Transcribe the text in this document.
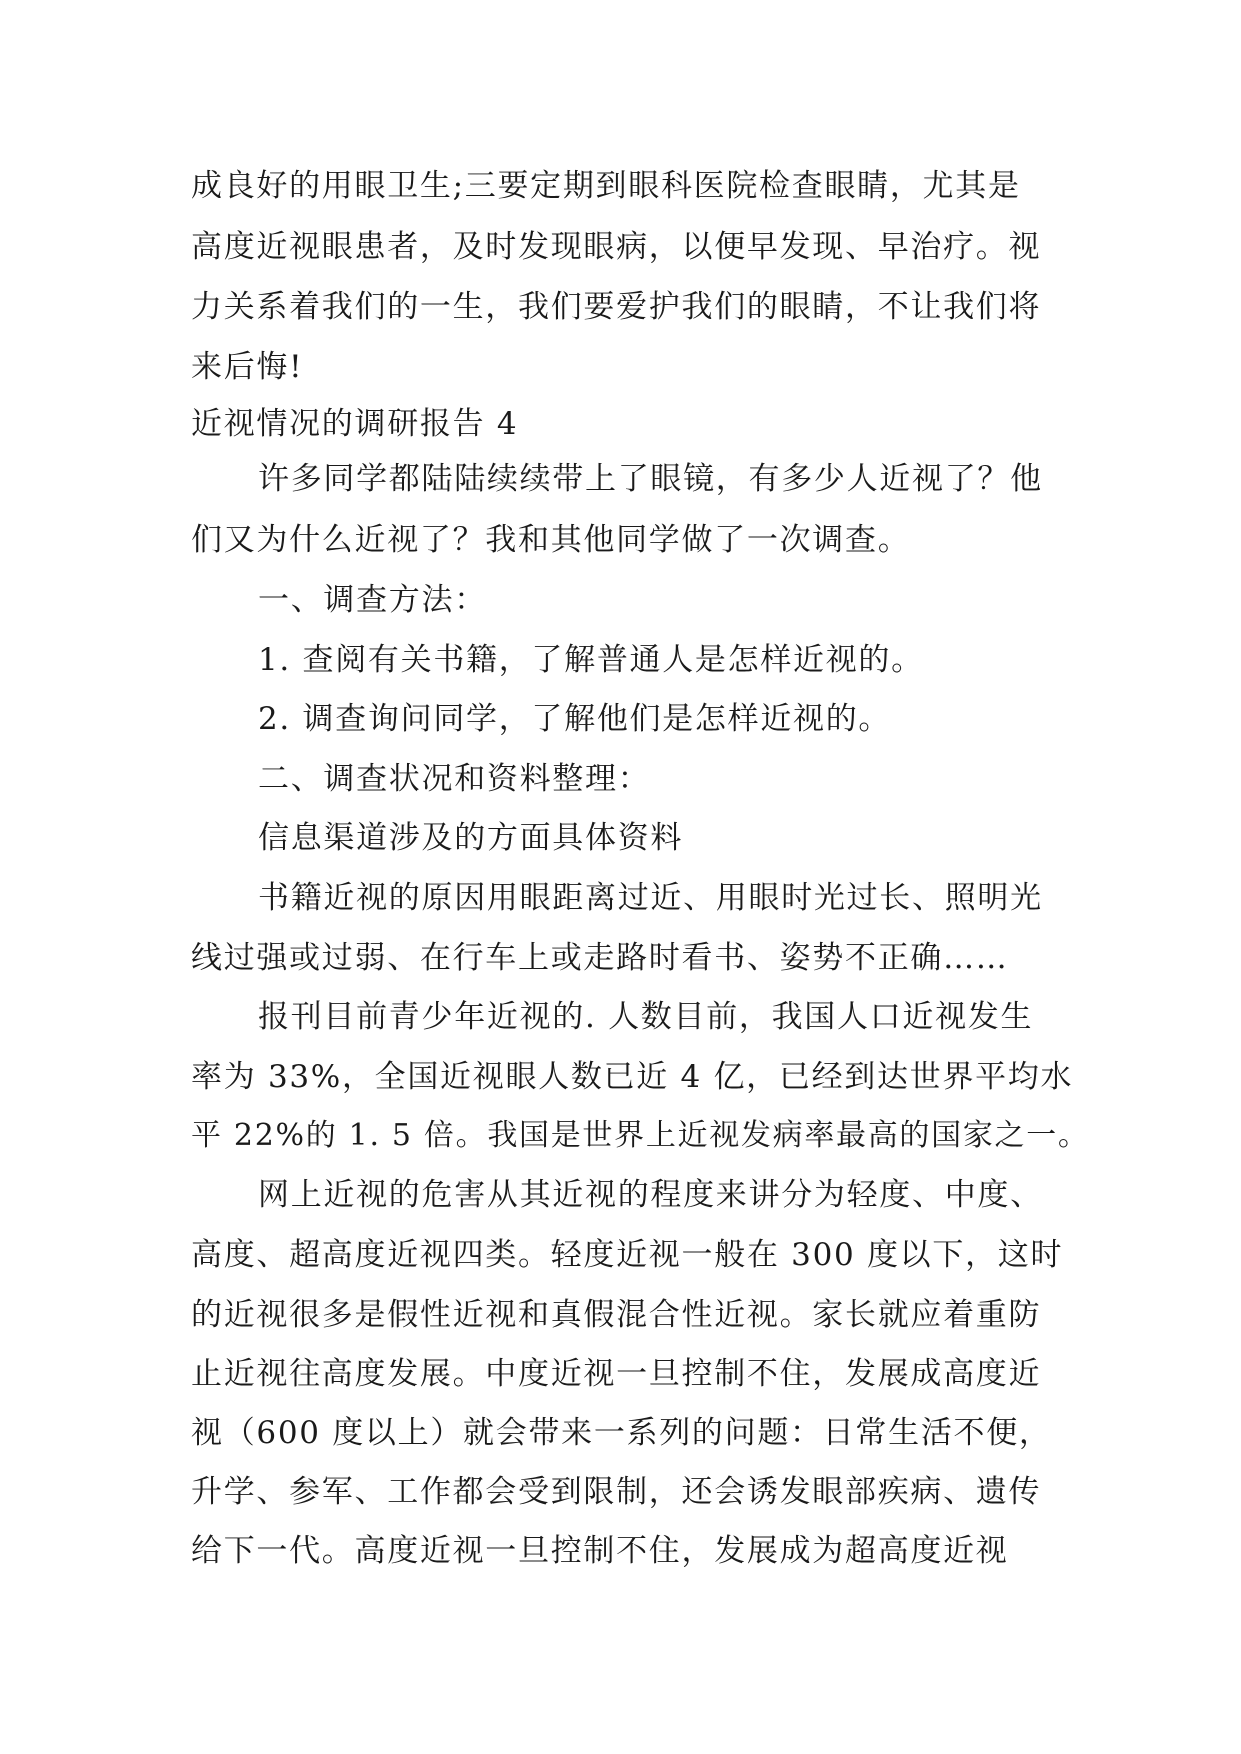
成良好的用眼卫生;三要定期到眼科医院检查眼睛，尤其是
高度近视眼患者，及时发现眼病，以便早发现、早治疗。视
力关系着我们的一生，我们要爱护我们的眼睛，不让我们将
来后悔!
近视情况的调研报告 4
许多同学都陆陆续续带上了眼镜，有多少人近视了？他
们又为什么近视了？我和其他同学做了一次调查。
一、调查方法：
1. 查阅有关书籍，了解普通人是怎样近视的。
2. 调查询问同学，了解他们是怎样近视的。
二、调查状况和资料整理：
信息渠道涉及的方面具体资料
书籍近视的原因用眼距离过近、用眼时光过长、照明光
线过强或过弱、在行车上或走路时看书、姿势不正确……
报刊目前青少年近视的. 人数目前，我国人口近视发生
率为 33%，全国近视眼人数已近 4 亿，已经到达世界平均水
平 22%的 1. 5 倍。我国是世界上近视发病率最高的国家之一。
网上近视的危害从其近视的程度来讲分为轻度、中度、
高度、超高度近视四类。轻度近视一般在 300 度以下，这时
的近视很多是假性近视和真假混合性近视。家长就应着重防
止近视往高度发展。中度近视一旦控制不住，发展成高度近
视（600 度以上）就会带来一系列的问题：日常生活不便，
升学、参军、工作都会受到限制，还会诱发眼部疾病、遗传
给下一代。高度近视一旦控制不住，发展成为超高度近视
